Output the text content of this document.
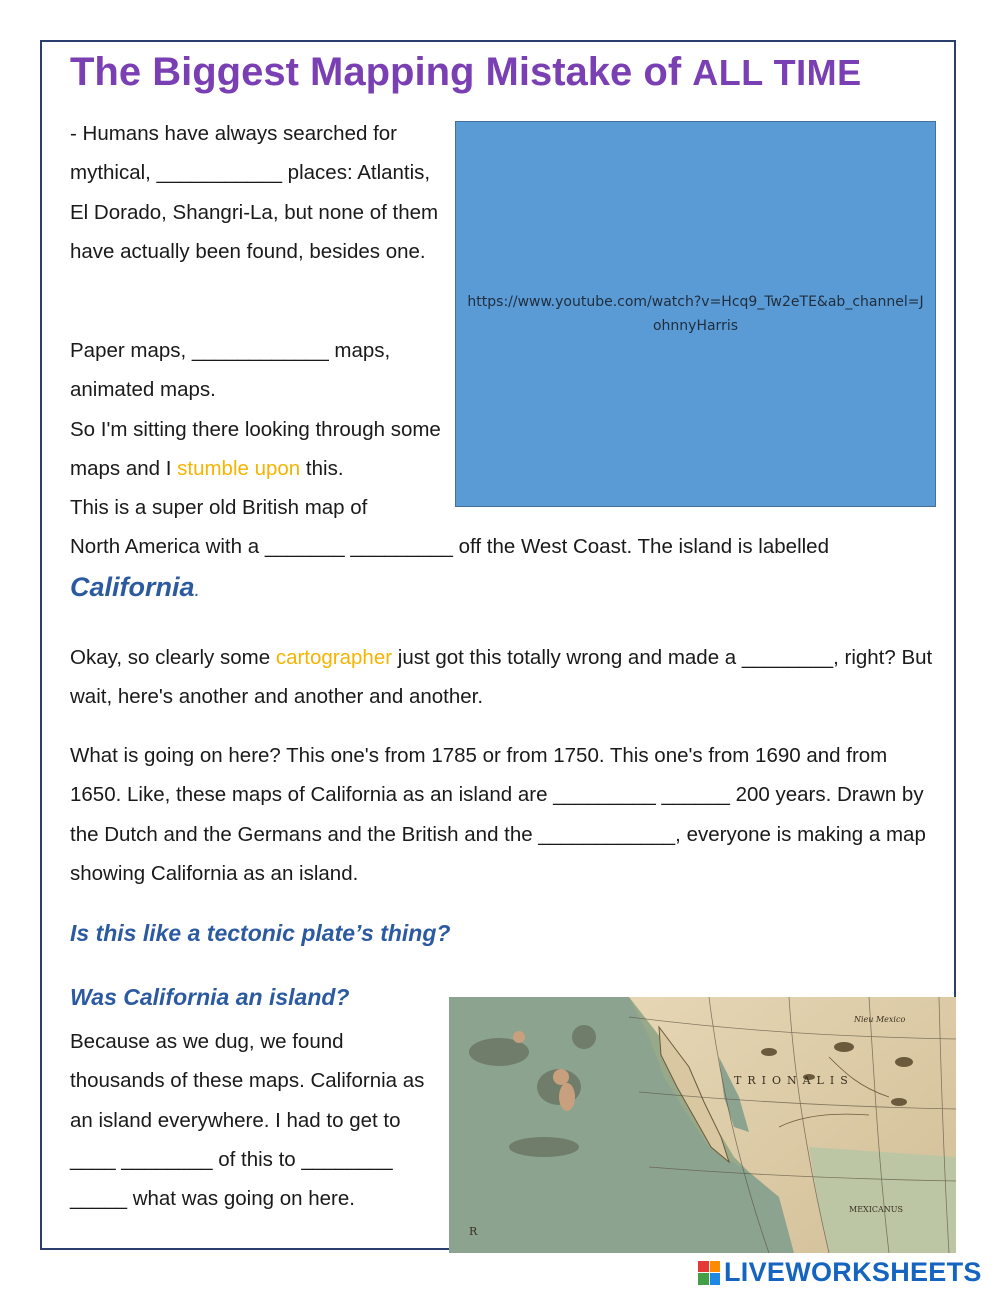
The Biggest Mapping Mistake of ALL TIME

- Humans have always searched for mythical, ___________ places: Atlantis, El Dorado, Shangri-La, but none of them have actually been found, besides one.

Paper maps, ____________ maps, animated maps.
So I'm sitting there looking through some maps and I stumble upon this.
This is a super old British map of

https://www.youtube.com/watch?v=Hcq9_Tw2eTE&ab_channel=JohnnyHarris

North America with a _______ _________ off the West Coast. The island is labelled

California.

Okay, so clearly some cartographer just got this totally wrong and made a ________, right? But wait, here's another and another and another.

What is going on here? This one's from 1785 or from 1750. This one's from 1690 and from 1650. Like, these maps of California as an island are _________ ______ 200 years. Drawn by the Dutch and the Germans and the British and the ____________, everyone is making a map showing California as an island.

Is this like a tectonic plate’s thing?

Was California an island?

Because as we dug, we found thousands of these maps. California as an island everywhere. I had to get to ____ ________ of this to ________ _____ what was going on here.

TRIONALIS
Nieu Mexico
MEXICANUS
R
LIVEWORKSHEETS
